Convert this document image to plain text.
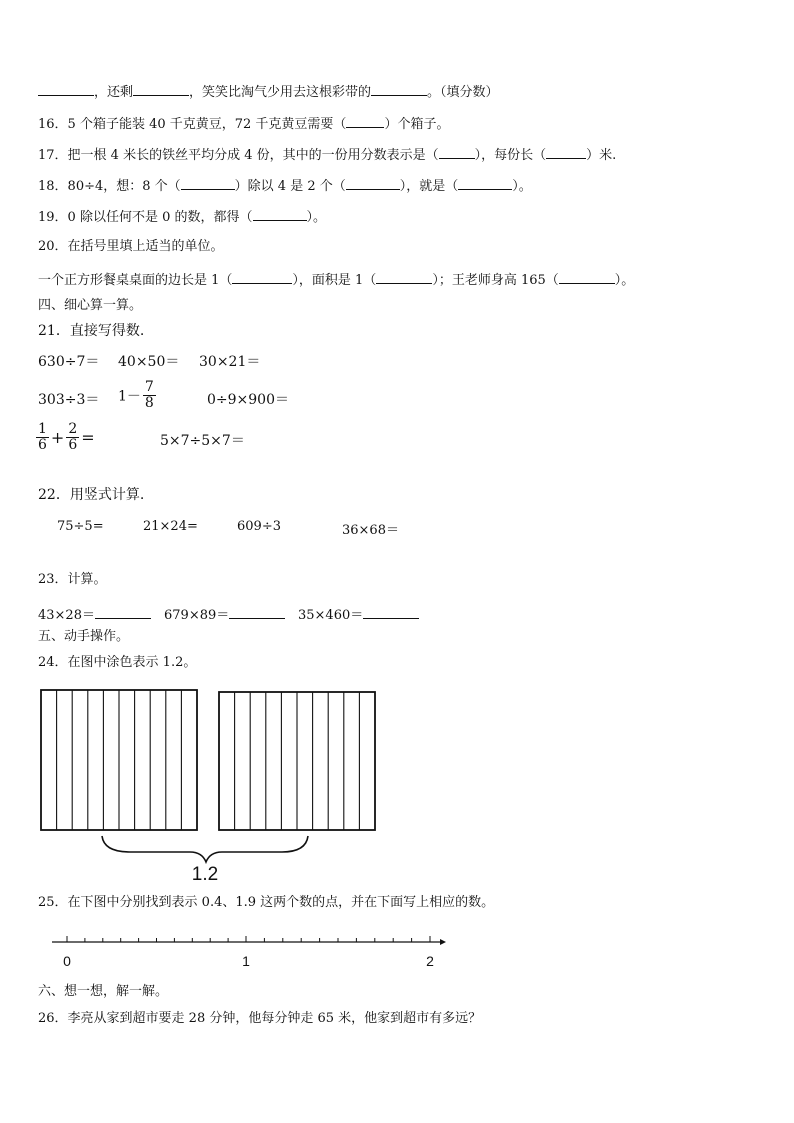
，还剩	，笑笑比淘气少用去这根彩带的	。（填分数）
16．5 个箱子能装 40 千克黄豆，72 千克黄豆需要（	）个箱子。
17．把一根 4 米长的铁丝平均分成 4 份，其中的一份用分数表示是（	），每份长（	）米.
18．80÷4，想：8 个（	）除以 4 是 2 个（	），就是（	）。
19．0 除以任何不是 0 的数，都得（	）。
20．在括号里填上适当的单位。
一个正方形餐桌桌面的边长是 1（	），面积是 1（	）；王老师身高 165（	）。
四、细心算一算。
21．直接写得数.
630÷7＝ 40×50＝ 30×21＝
$303\div 3= 1- \frac{7}{8}$	0÷9×900＝
$\frac{1}{6} + \frac{2}{6}$ =	5×7÷5×7＝
22．用竖式计算.
75÷5=	21×24=	609÷3	36×68＝
23．计算。
43×28＝	679×89＝	35×460＝
五、动手操作。
24．在图中涂色表示 1.2。
1.2
0	1	2
25．在下图中分别找到表示 0.4、1.9 这两个数的点，并在下面写上相应的数。
六、想一想，解一解。
26．李亮从家到超市要走 28 分钟，他每分钟走 65 米，他家到超市有多远？
